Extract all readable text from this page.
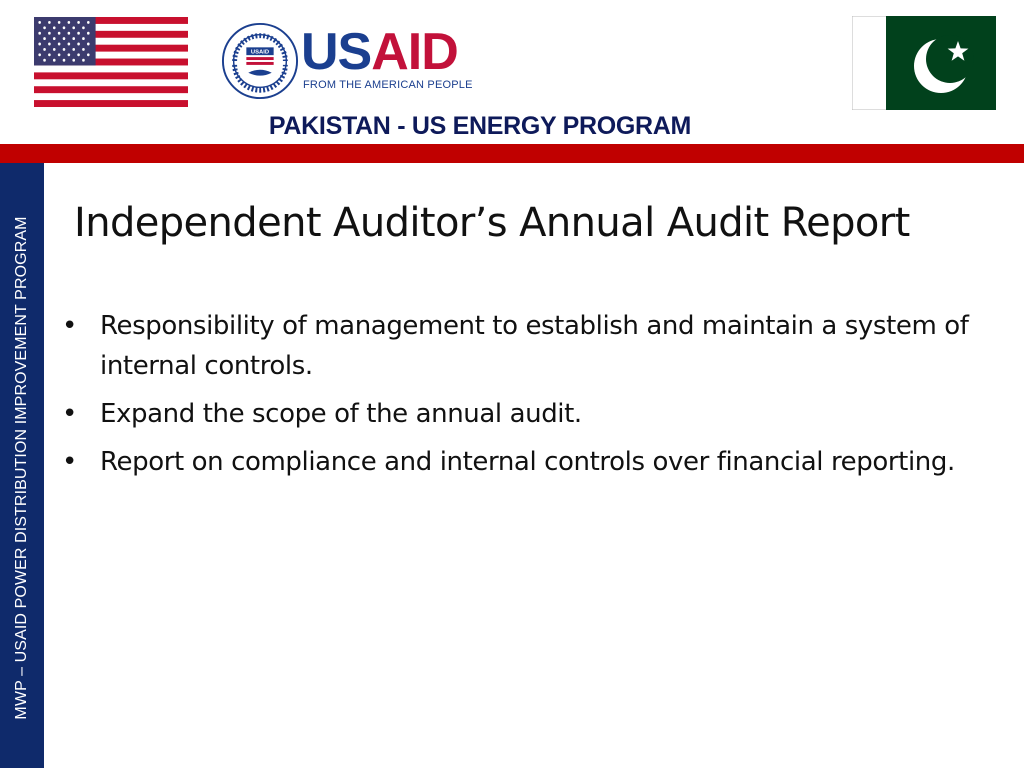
USAID USAID
FROM THE AMERICAN PEOPLE
PAKISTAN - US ENERGY PROGRAM
MWP – USAID POWER DISTRIBUTION IMPROVEMENT PROGRAM Independent Auditor’s Annual Audit Report
• Responsibility of management to establish and maintain a system of internal controls.
• Expand the scope of the annual audit.
• Report on compliance and internal controls over financial reporting.
